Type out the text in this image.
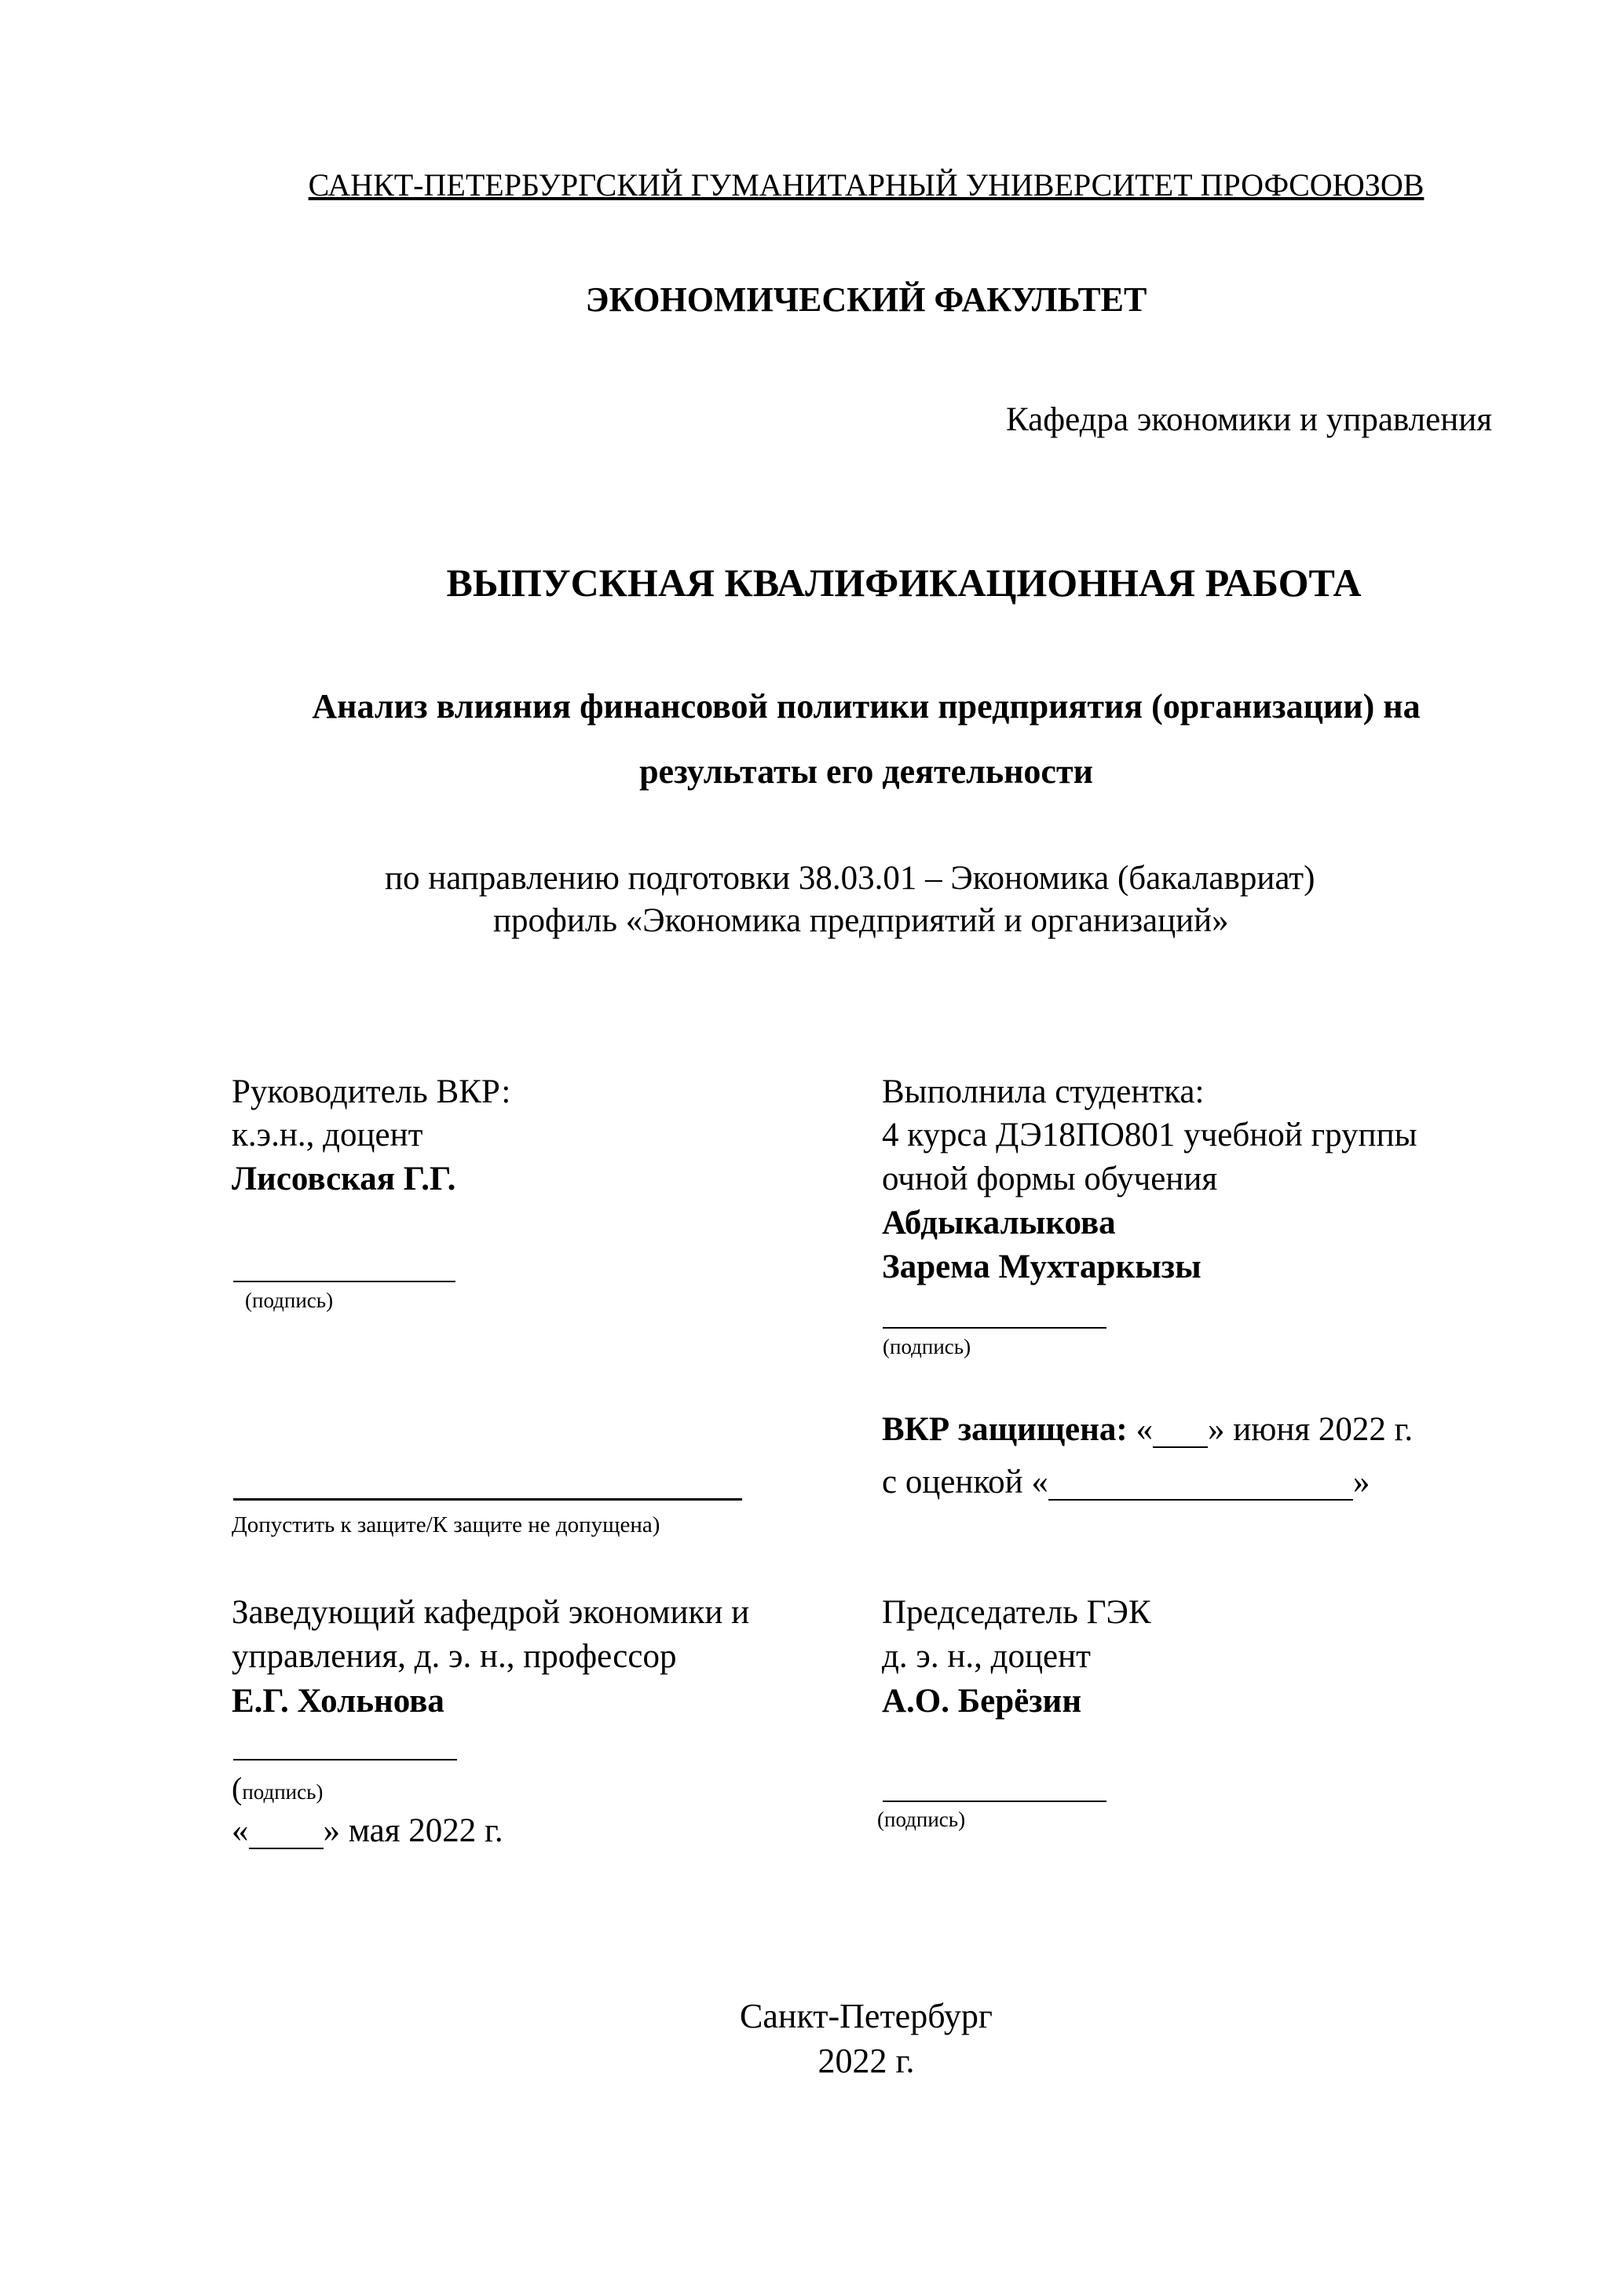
САНКТ-ПЕТЕРБУРГСКИЙ ГУМАНИТАРНЫЙ УНИВЕРСИТЕТ ПРОФСОЮЗОВ
ЭКОНОМИЧЕСКИЙ ФАКУЛЬТЕТ
Кафедра экономики и управления
ВЫПУСКНАЯ КВАЛИФИКАЦИОННАЯ РАБОТА
Анализ влияния финансовой политики предприятия (организации) на
результаты его деятельности
по направлению подготовки 38.03.01 – Экономика (бакалавриат)
профиль «Экономика предприятий и организаций»
Руководитель ВКР:
к.э.н., доцент
Лисовская Г.Г.
(подпись)
Выполнила студентка:
4 курса ДЭ18ПО801 учебной группы
очной формы обучения
Абдыкалыкова
Зарема Мухтаркызы
(подпись)
ВКР защищена: « » июня 2022 г.
с оценкой «	»
Допустить к защите/К защите не допущена)
Заведующий кафедрой экономики и
управления, д. э. н., профессор
Е.Г. Хольнова
(подпись)
« » мая 2022 г.
Председатель ГЭК
д. э. н., доцент
А.О. Берёзин
(подпись)
Санкт-Петербург
2022 г.
